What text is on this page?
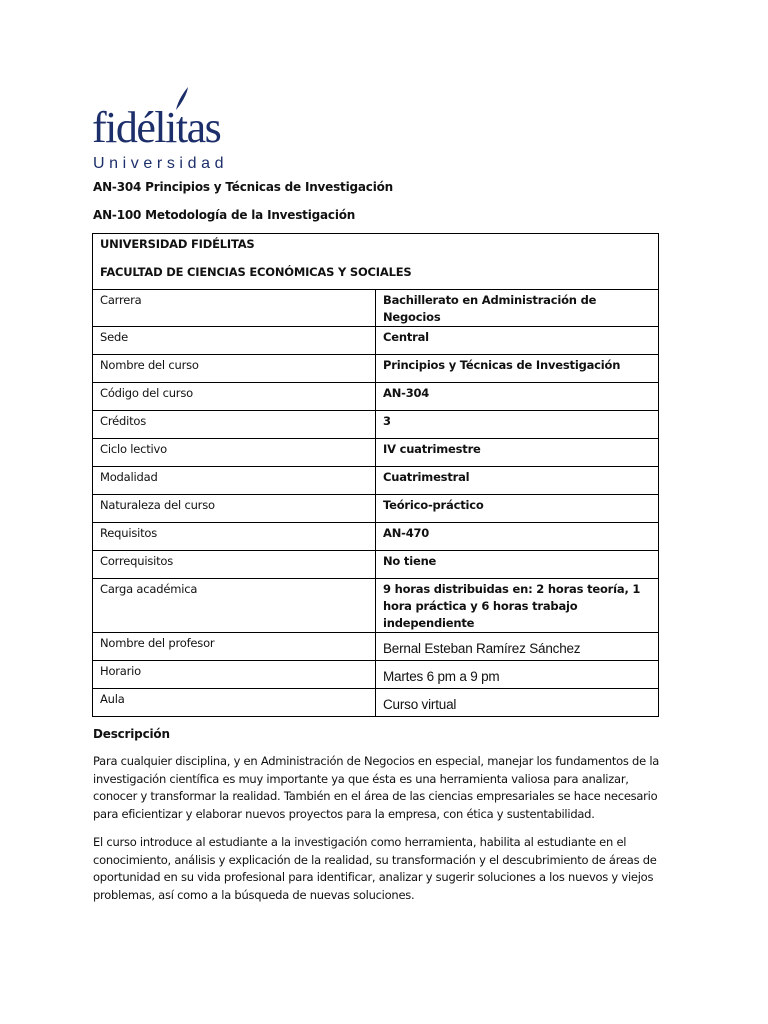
fidélitas
Universidad
AN-304 Principios y Técnicas de Investigación
AN-100 Metodología de la Investigación
UNIVERSIDAD FIDÉLITAS
FACULTAD DE CIENCIAS ECONÓMICAS Y SOCIALES	

Carrera	Bachillerato en Administración de Negocios
Sede	Central
Nombre del curso	Principios y Técnicas de Investigación
Código del curso	AN-304
Créditos	3
Ciclo lectivo	IV cuatrimestre
Modalidad	Cuatrimestral
Naturaleza del curso	Teórico-práctico
Requisitos	AN-470
Correquisitos	No tiene
Carga académica	9 horas distribuidas en: 2 horas teoría, 1 hora práctica y 6 horas trabajo independiente
Nombre del profesor	Bernal Esteban Ramírez Sánchez
Horario	Martes 6 pm a 9 pm
Aula	Curso virtual
Descripción

Para cualquier disciplina, y en Administración de Negocios en especial, manejar los fundamentos de la investigación científica es muy importante ya que ésta es una herramienta valiosa para analizar, conocer y transformar la realidad. También en el área de las ciencias empresariales se hace necesario para eficientizar y elaborar nuevos proyectos para la empresa, con ética y sustentabilidad.

El curso introduce al estudiante a la investigación como herramienta, habilita al estudiante en el conocimiento, análisis y explicación de la realidad, su transformación y el descubrimiento de áreas de oportunidad en su vida profesional para identificar, analizar y sugerir soluciones a los nuevos y viejos problemas, así como a la búsqueda de nuevas soluciones.
